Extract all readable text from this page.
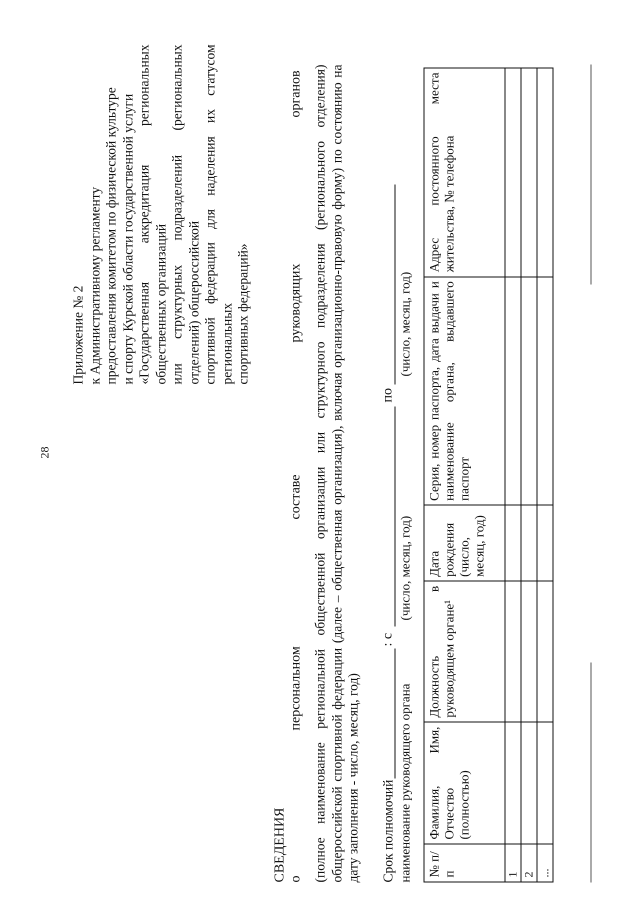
28
Приложение № 2 к Административному регламенту предоставления комитетом по физической культуре и спорту Курской области государственной услуги «Государственная аккредитация региональных общественных организаций или структурных подразделений (региональных отделений) общероссийской спортивной федерации для наделения их статусом региональных спортивных федераций»
СВЕДЕНИЯ о
персональном
составе
руководящих
органов (полное наименование региональной общественной организации или структурного подразделения (регионального отделения) общероссийской спортивной федерации (далее – общественная организация), включая организационно-правовую форму) по состоянию на дату заполнения - число, месяц, год) Срок полномочий
: с
по
наименование руководящего органа
(число, месяц, год)
(число, месяц, год)
№ п/п	Фамилия, Имя, Отчество (полностью)	Должность в руководящем органе¹	Дата рождения (число, месяц, год)	Серия, номер паспорта, дата выдачи и наименование органа, выдавшего паспорт	Адрес постоянного места жительства, № телефона
1					
2					
...					
